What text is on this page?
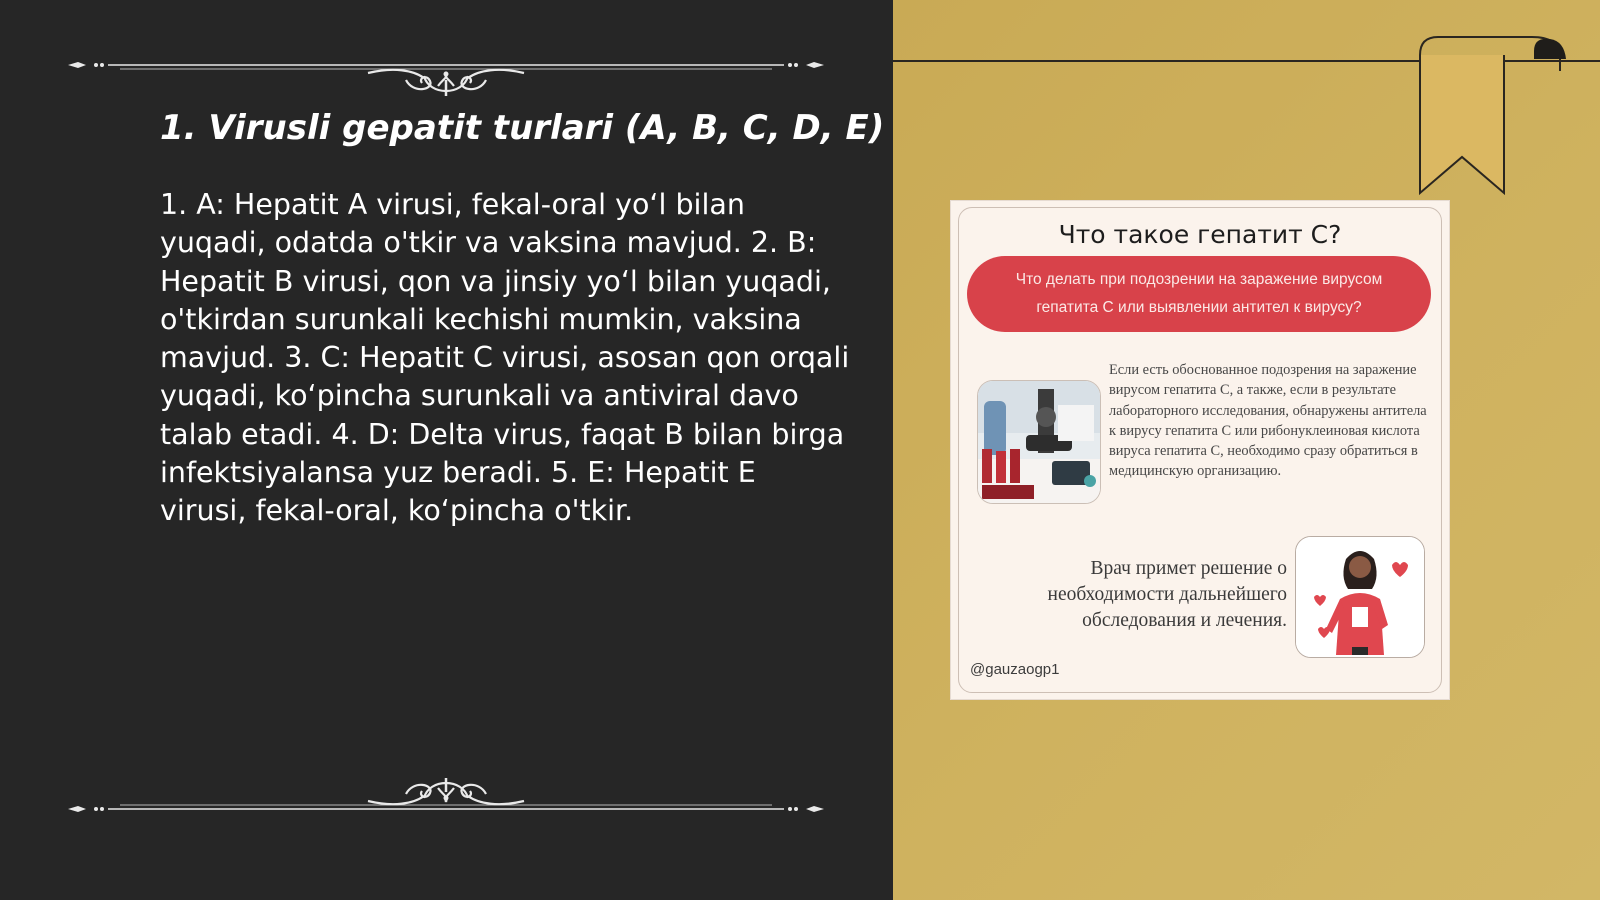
1. Virusli gepatit turlari (A, B, C, D, E)

1. A: Hepatit A virusi, fekal-oral yo‘l bilan yuqadi, odatda o'tkir va vaksina mavjud. 2. B: Hepatit B virusi, qon va jinsiy yo‘l bilan yuqadi, o'tkirdan surunkali kechishi mumkin, vaksina mavjud. 3. C: Hepatit C virusi, asosan qon orqali yuqadi, ko‘pincha surunkali va antiviral davo talab etadi. 4. D: Delta virus, faqat B bilan birga infektsiyalansa yuz beradi. 5. E: Hepatit E virusi, fekal-oral, ko‘pincha o'tkir.

Что такое гепатит С?
Что делать при подозрении на заражение вирусом
гепатита С или выявлении антител к вирусу?
Если есть обоснованное подозрения на заражение вирусом гепатита С, а также, если в результате лабораторного исследования, обнаружены антитела к вирусу гепатита С или рибонуклеиновая кислота вируса гепатита С, необходимо сразу обратиться в медицинскую организацию.
Врач примет решение о
необходимости дальнейшего
обследования и лечения.
@gauzaogp1
